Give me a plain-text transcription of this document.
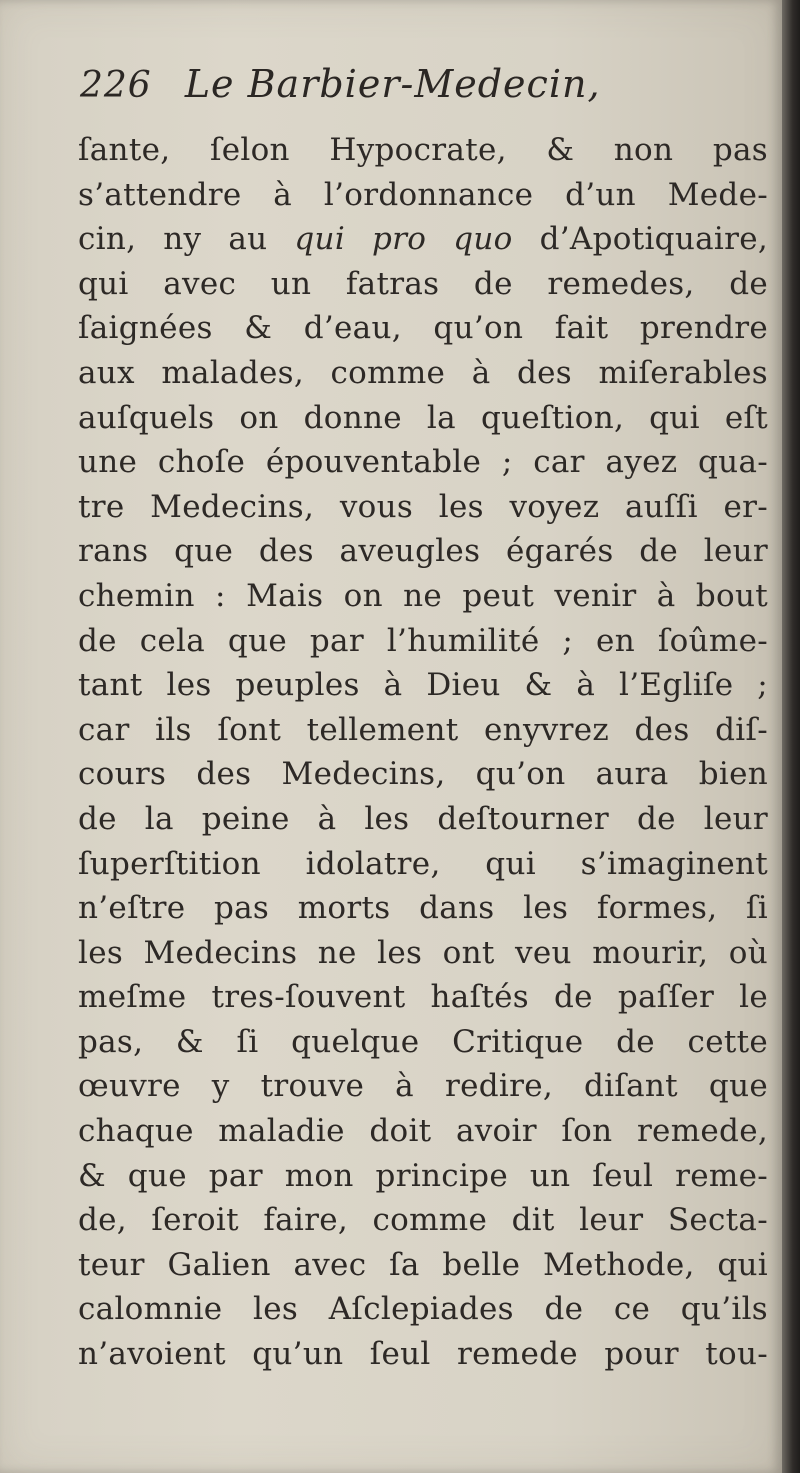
226 Le Barbier-Medecin,
ſante, ſelon Hypocrate, & non pas
s’attendre à l’ordonnance d’un Mede-
cin, ny au qui pro quo d’Apotiquaire,
qui avec un fatras de remedes, de
ſaignées & d’eau, qu’on fait prendre
aux malades, comme à des miſerables
auſquels on donne la queſtion, qui eſt
une choſe épouventable ; car ayez qua-
tre Medecins, vous les voyez auſſi er-
rans que des aveugles égarés de leur
chemin : Mais on ne peut venir à bout
de cela que par l’humilité ; en ſoûme-
tant les peuples à Dieu & à l’Egliſe ;
car ils ſont tellement enyvrez des diſ-
cours des Medecins, qu’on aura bien
de la peine à les deſtourner de leur
ſuperſtition idolatre, qui s’imaginent
n’eſtre pas morts dans les formes, ſi
les Medecins ne les ont veu mourir, où
meſme tres-ſouvent haſtés de paſſer le
pas, & ſi quelque Critique de cette
œuvre y trouve à redire, diſant que
chaque maladie doit avoir ſon remede,
& que par mon principe un ſeul reme-
de, ſeroit faire, comme dit leur Secta-
teur Galien avec ſa belle Methode, qui
calomnie les Aſclepiades de ce qu’ils
n’avoient qu’un ſeul remede pour tou-
